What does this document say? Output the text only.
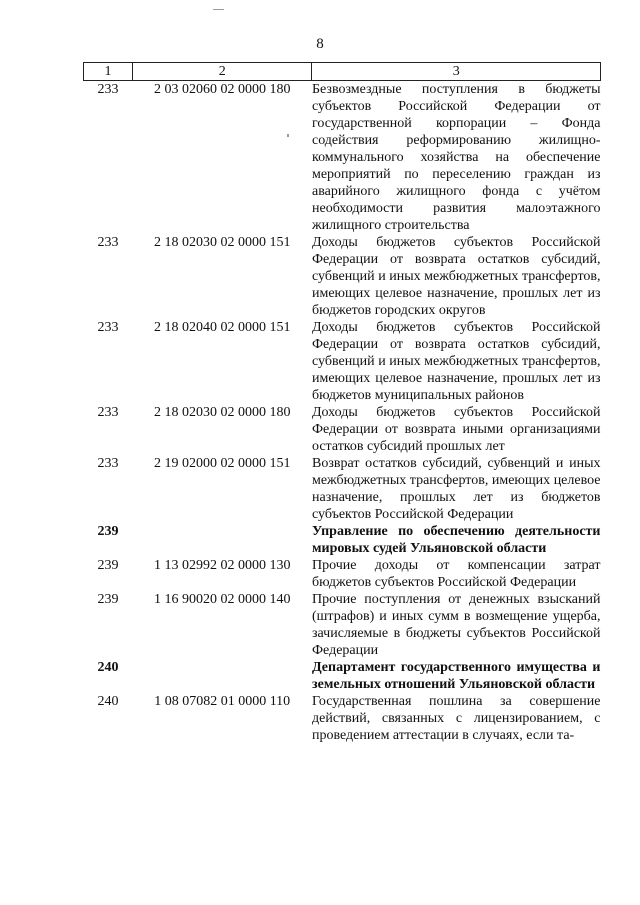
8
1	2	3
233	2 03 02060 02 0000 180	Безвозмездные поступления в бюджеты субъектов Российской Федерации от государственной корпорации – Фонда содействия реформированию жилищно-коммунального хозяйства на обеспечение мероприятий по переселению граждан из аварийного жилищного фонда с учётом необходимости развития малоэтажного жилищного строительства
233	2 18 02030 02 0000 151	Доходы бюджетов субъектов Российской Федерации от возврата остатков субсидий, субвенций и иных межбюджетных трансфертов, имеющих целевое назначение, прошлых лет из бюджетов городских округов
233	2 18 02040 02 0000 151	Доходы бюджетов субъектов Российской Федерации от возврата остатков субсидий, субвенций и иных межбюджетных трансфертов, имеющих целевое назначение, прошлых лет из бюджетов муниципальных районов
233	2 18 02030 02 0000 180	Доходы бюджетов субъектов Российской Федерации от возврата иными организациями остатков субсидий прошлых лет
233	2 19 02000 02 0000 151	Возврат остатков субсидий, субвенций и иных межбюджетных трансфертов, имеющих целевое назначение, прошлых лет из бюджетов субъектов Российской Федерации
239		Управление по обеспечению деятельности мировых судей Ульяновской области
239	1 13 02992 02 0000 130	Прочие доходы от компенсации затрат бюджетов субъектов Российской Федерации
239	1 16 90020 02 0000 140	Прочие поступления от денежных взысканий (штрафов) и иных сумм в возмещение ущерба, зачисляемые в бюджеты субъектов Российской Федерации
240		Департамент государственного имущества и земельных отношений Ульяновской области
240	1 08 07082 01 0000 110	Государственная пошлина за совершение действий, связанных с лицензированием, с проведением аттестации в случаях, если та-
